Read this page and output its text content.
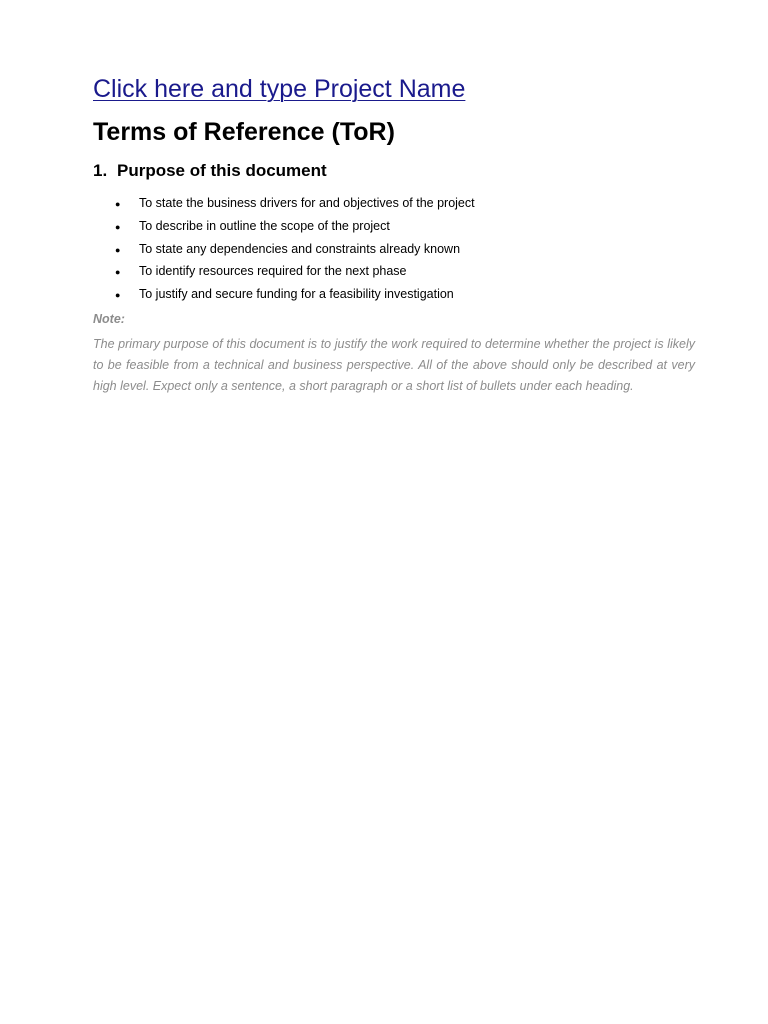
Click here and type Project Name
Terms of Reference (ToR)
1. Purpose of this document
●	To state the business drivers for and objectives of the project
●	To describe in outline the scope of the project
●	To state any dependencies and constraints already known
●	To identify resources required for the next phase
●	To justify and secure funding for a feasibility investigation

Note:

The primary purpose of this document is to justify the work required to determine whether the project is likely to be feasible from a technical and business perspective. All of the above should only be described at very high level. Expect only a sentence, a short paragraph or a short list of bullets under each heading.
